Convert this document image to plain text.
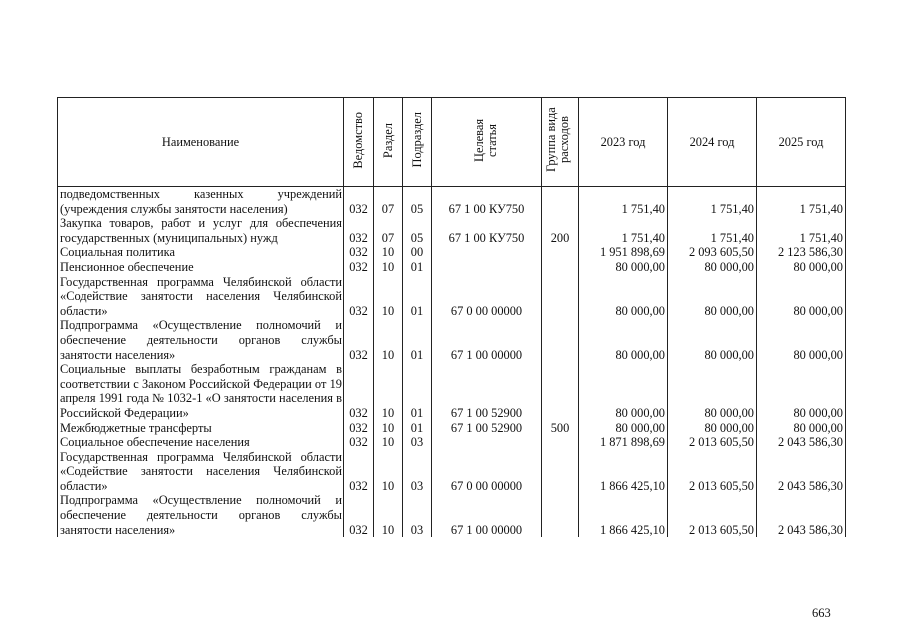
Наименование	Ведомство	Раздел	Подраздел	Целевая статья	Группа вида расходов	2023 год	2024 год	2025 год
подведомственных казенных учреждений (учреждения службы занятости населения)	032	07	05	67 1 00 КУ750		1 751,40	1 751,40	1 751,40
Закупка товаров, работ и услуг для обеспечения государственных (муниципальных) нужд	032	07	05	67 1 00 КУ750	200	1 751,40	1 751,40	1 751,40
Социальная политика	032	10	00			1 951 898,69	2 093 605,50	2 123 586,30
Пенсионное обеспечение	032	10	01			80 000,00	80 000,00	80 000,00
Государственная программа Челябинской области «Содействие занятости населения Челябинской области»	032	10	01	67 0 00 00000		80 000,00	80 000,00	80 000,00
Подпрограмма «Осуществление полномочий и обеспечение деятельности органов службы занятости населения»	032	10	01	67 1 00 00000		80 000,00	80 000,00	80 000,00
Социальные выплаты безработным гражданам в соответствии с Законом Российской Федерации от 19 апреля 1991 года № 1032-1 «О занятости населения в Российской Федерации»	032	10	01	67 1 00 52900		80 000,00	80 000,00	80 000,00
Межбюджетные трансферты	032	10	01	67 1 00 52900	500	80 000,00	80 000,00	80 000,00
Социальное обеспечение населения	032	10	03			1 871 898,69	2 013 605,50	2 043 586,30
Государственная программа Челябинской области «Содействие занятости населения Челябинской области»	032	10	03	67 0 00 00000		1 866 425,10	2 013 605,50	2 043 586,30
Подпрограмма «Осуществление полномочий и обеспечение деятельности органов службы занятости населения»	032	10	03	67 1 00 00000		1 866 425,10	2 013 605,50	2 043 586,30
663
